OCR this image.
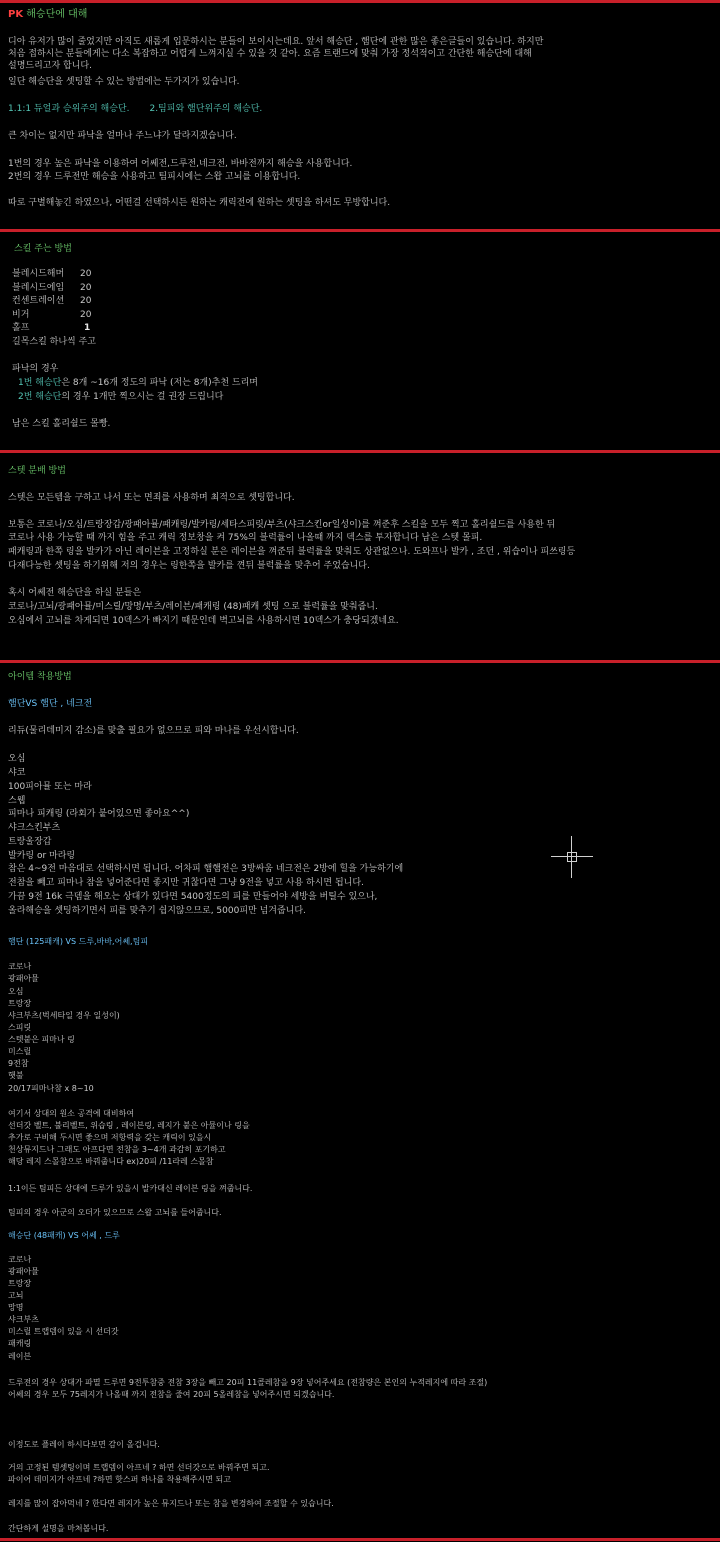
PK 해승단에 대해
디아 유저가 많이 줄었지만 아직도 새롭게 입문하시는 분들이 보이시는데요. 앞서 해승단 , 햄단에 관한 많은 좋은글들이 있습니다. 하지만
처음 접하시는 분들에게는 다소 복잡하고 어렵게 느껴지실 수 있을 것 같아. 요즘 트랜드에 맞춰 가장 정석적이고 간단한 해승단에 대해
설명드리고자 합니다.
일단 해승단을 셋팅할 수 있는 방법에는 두가지가 있습니다.
1.1:1 듀얼과 승위주의 해승단. 2.팀피와 햄단위주의 해승단.
큰 차이는 없지만 파낙을 얼마나 주느냐가 달라지겠습니다.
1번의 경우 높은 파낙을 이용하여 어쎄전,드루전,네크전, 바바전까지 해승을 사용합니다.
2번의 경우 드루전만 해승을 사용하고 팀피시에는 스왑 고뇌를 이용합니다.
따로 구별해놓긴 하였으나, 어떤걸 선택하시든 원하는 캐릭전에 원하는 셋팅을 하셔도 무방합니다.
스킬 주는 방법
블레시드해머 20
블레시드에임 20
컨센트레이션 20
비거	20
홀프	1
길목스킬 하나씩 주고
파낙의 경우
1번 해승단은 8개 ~16개 정도의 파낙 (저는 8개)추천 드리며
2번 해승단의 경우 1개만 찍으시는 걸 권장 드립니다
남은 스킬 홀리쉴드 몰빵.
스텟 분배 방법
스텟은 모든템을 구하고 나서 또는 면죄를 사용하며 최적으로 셋팅합니다.
보통은 코로나/오심/트랑장갑/광패아뮬/패캐링/발카링/세타스피릿/부츠(샤크스킨or일성이)를 껴준후 스킬을 모두 찍고 홀리쉴드를 사용한 뒤
코로나 사용 가능할 때 까지 힘을 주고 캐릭 정보창을 켜 75%의 블럭률이 나올때 까지 덱스를 투자합니다 남은 스텟 몰피.
패캐링과 한쪽 링을 발카가 아닌 레이븐을 고정하실 분은 레이븐을 껴준뒤 블럭률을 맞춰도 상관없으나. 도와프나 발카 , 조던 , 위습이나 피쓰링등
다재다능한 셋팅을 하기위해 저의 경우는 링한쪽을 발카를 껸뒤 블럭률을 맞추어 주었습니다.
혹시 어쎄전 해승단을 하실 분들은
코로나/고뇌/광패아뮬/미스릴/망명/부츠/레이븐/패캐링 (48)패캐 셋팅 으로 블럭률을 맞춰줍니.
오심에서 고뇌를 차게되면 10덱스가 빠지기 때문인데 벽고뇌를 사용하시면 10덱스가 충당되겠네요.
아이템 착용방법
햄단VS 햄단 , 네크전
리듀(물리데미지 감소)를 맞출 필요가 없으므로 피와 마나를 우선시합니다.
오심
샤코
100피아뮬 또는 마라
스웹
피마나 피캐링 (라회가 붙어있으면 좋아요^^)
샤크스킨부츠
트랑울장갑
발카링 or 마라링
참은 4~9전 마음대로 선택하시면 됩니다. 어차피 햄햄전은 3방싸움 네크전은 2방에 힐을 가능하기에
전참을 빼고 피마나 참을 넣어준다면 좋지만 귀찮다면 그냥 9전을 넣고 사용 하시면 됩니다.
가끔 9전 16k 극뎀을 해오는 상대가 있다면 5400정도의 피를 만들어야 세방을 버틸수 있으나,
올라해승을 셋팅하기면서 피를 맞추기 쉽지않으므로, 5000피만 넘겨줍니다.
햄단 (125패캐) VS 드루,바바,어쎄,팀피
코로나
광패아뮬
오심
트랑장
샤크부츠(벅세타일 경우 일성이)
스피릿
스텟붙은 피마나 링
미스릴
9전참
햇불
20/17피마나참 x 8~10
여기서 상대의 원소 공격에 대비하여
선더갓 벨트, 불리벨트, 위습링 , 레이븐링, 레지가 붙은 아뮬이나 링을
추가로 구비해 두시면 좋으며 저항력을 갖는 캐릭이 있을시
천상뮤지드나 그래도 아프다면 전참을 3~4개 과감히 포기하고
해당 레지 스몰참으로 바꿔줍니다 ex)20피 /11라레 스몰참
1:1이든 팀피든 상대에 드루가 있을시 발카대신 레이븐 링을 껴줍니다.
팀피의 경우 아군의 오더가 있으므로 스왑 고뇌를 들어줍니다.
해승단 (48패캐) VS 어쎄 , 드루
코로나
광패아뮬
트랑장
고뇌
망명
샤크부츠
미스릴 트랩뎀이 있을 시 선더갓
패캐링
레이븐
드루전의 경우 상대가 파멸 드루면 9전투참중 전참 3장을 빼고 20피 11콜레참을 9장 넣어주세요 (전참량은 본인의 누적레지에 따라 조절)
어쎄의 경우 모두 75레지가 나올때 까지 전참을 줄여 20피 5올레참을 넣어주시면 되겠습니다.
이정도로 플레이 하시다보면 감이 올겁니다.
거의 고정된 템셋팅이며 트랩뎀이 아프네 ? 하면 선더갓으로 바꿔주면 되고.
파이어 데미지가 아프네 ?하면 핫스퍼 하나를 착용해주시면 되고
레지를 많이 잡아먹네 ? 한다면 레지가 높은 뮤지드나 또는 참을 변경하여 조절할 수 있습니다.
간단하게 설명을 마쳐봅니다.
